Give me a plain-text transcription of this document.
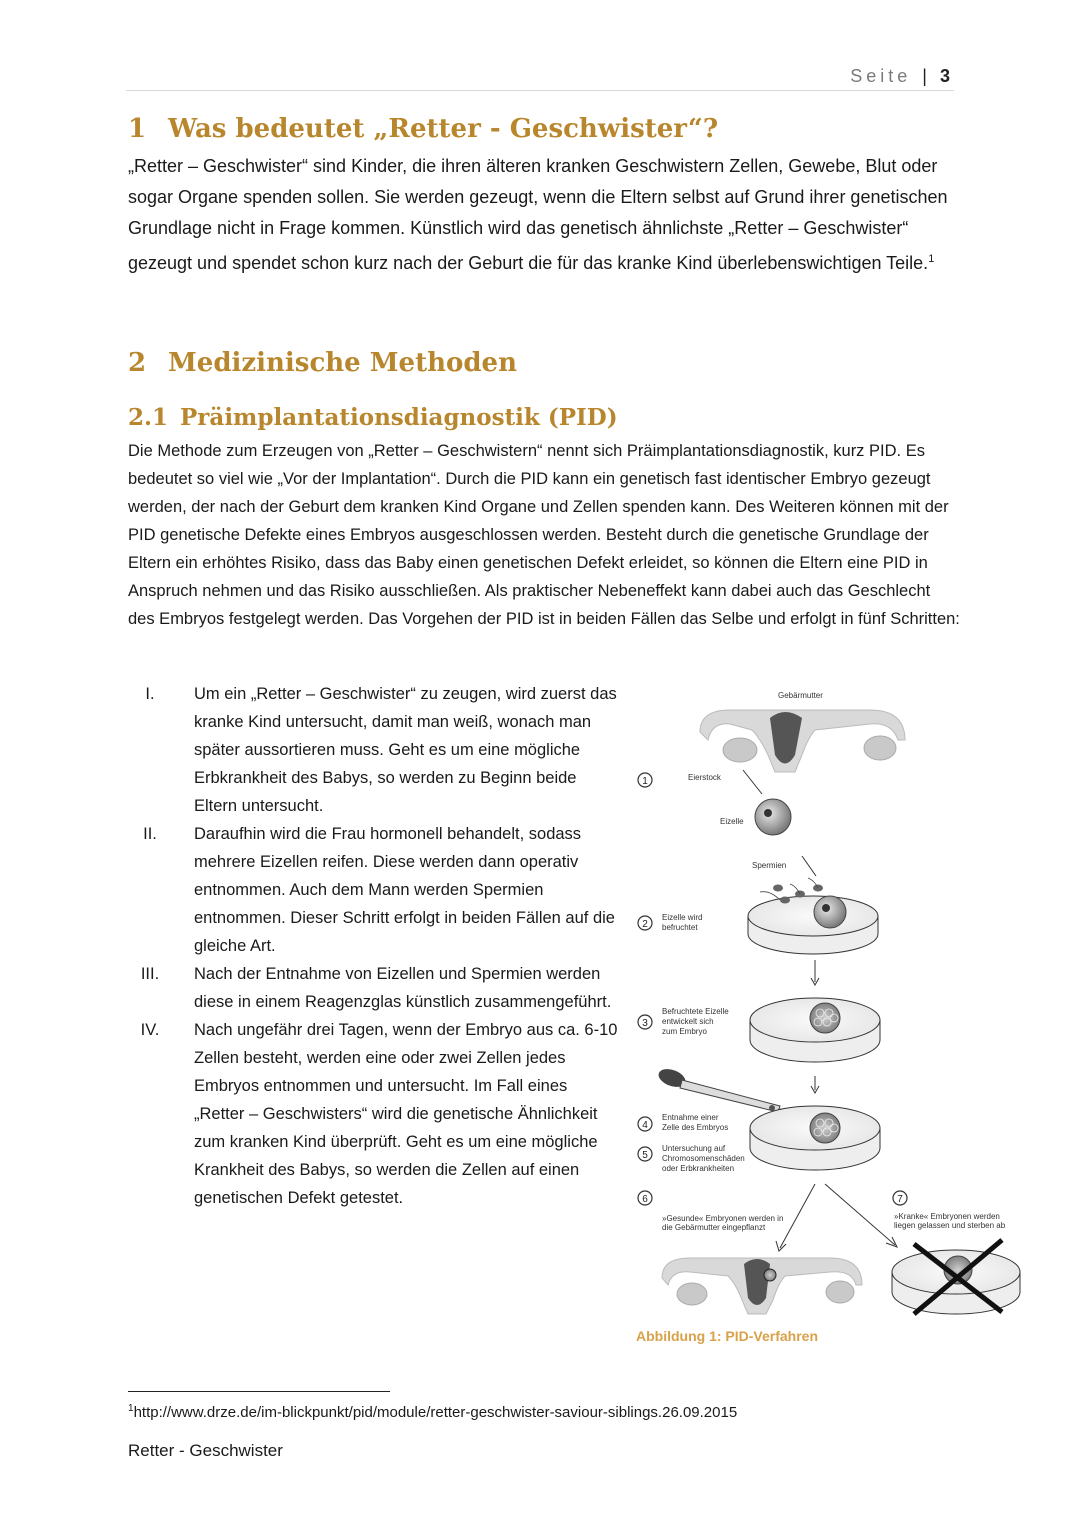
Seite | 3
1 Was bedeutet „Retter - Geschwister“?
„Retter – Geschwister“ sind Kinder, die ihren älteren kranken Geschwistern Zellen, Gewebe, Blut oder sogar Organe spenden sollen. Sie werden gezeugt, wenn die Eltern selbst auf Grund ihrer genetischen Grundlage nicht in Frage kommen. Künstlich wird das genetisch ähnlichste „Retter – Geschwister“ gezeugt und spendet schon kurz nach der Geburt die für das kranke Kind überlebenswichtigen Teile.$^1$
2 Medizinische Methoden
2.1 Präimplantationsdiagnostik (PID)
Die Methode zum Erzeugen von „Retter – Geschwistern“ nennt sich Präimplantationsdiagnostik, kurz PID. Es bedeutet so viel wie „Vor der Implantation“. Durch die PID kann ein genetisch fast identischer Embryo gezeugt werden, der nach der Geburt dem kranken Kind Organe und Zellen spenden kann. Des Weiteren können mit der PID genetische Defekte eines Embryos ausgeschlossen werden. Besteht durch die genetische Grundlage der Eltern ein erhöhtes Risiko, dass das Baby einen genetischen Defekt erleidet, so können die Eltern eine PID in Anspruch nehmen und das Risiko ausschließen. Als praktischer Nebeneffekt kann dabei auch das Geschlecht des Embryos festgelegt werden. Das Vorgehen der PID ist in beiden Fällen das Selbe und erfolgt in fünf Schritten:
I.	Um ein „Retter – Geschwister“ zu zeugen, wird zuerst das kranke Kind untersucht, damit man weiß, wonach man später aussortieren muss. Geht es um eine mögliche Erbkrankheit des Babys, so werden zu Beginn beide Eltern untersucht.
II.	Daraufhin wird die Frau hormonell behandelt, sodass mehrere Eizellen reifen. Diese werden dann operativ entnommen. Auch dem Mann werden Spermien entnommen. Dieser Schritt erfolgt in beiden Fällen auf die gleiche Art.
III.	Nach der Entnahme von Eizellen und Spermien werden diese in einem Reagenzglas künstlich zusammengeführt.
IV.	Nach ungefähr drei Tagen, wenn der Embryo aus ca. 6-10 Zellen besteht, werden eine oder zwei Zellen jedes Embryos entnommen und untersucht. Im Fall eines „Retter – Geschwisters“ wird die genetische Ähnlichkeit zum kranken Kind überprüft. Geht es um eine mögliche Krankheit des Babys, so werden die Zellen auf einen genetischen Defekt getestet.
Gebärmutter
1	Eierstock
Eizelle
Spermien
2
Eizelle wird befruchtet
3
Befruchtete Eizelle entwickelt sich zum Embryo
4
Entnahme einer Zelle des Embryos
5
Untersuchung auf Chromosomenschäden oder Erbkrankheiten
6
»Gesunde« Embryonen werden in die Gebärmutter eingepflanzt
7
»Kranke« Embryonen werden liegen gelassen und sterben ab
Abbildung 1: PID-Verfahren
$^1$http://www.drze.de/im-blickpunkt/pid/module/retter-geschwister-saviour-siblings.26.09.2015
Retter - Geschwister
